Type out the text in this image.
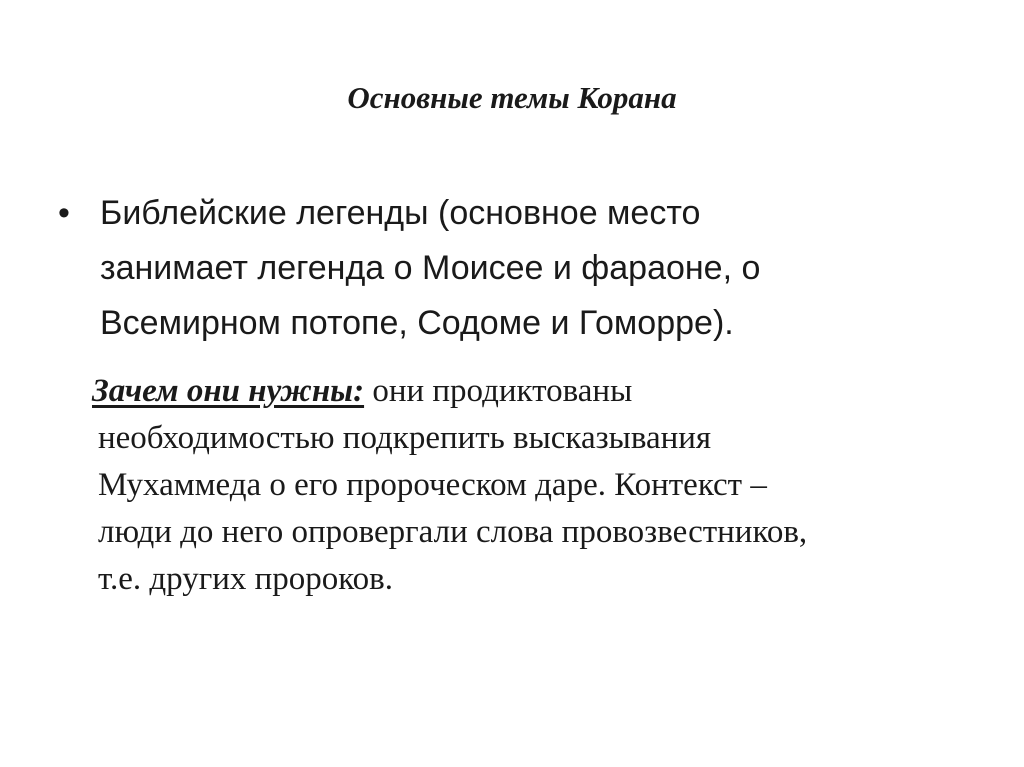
Основные темы Корана
• Библейские легенды (основное место
занимает легенда о Моисее и фараоне, о
Всемирном потопе, Содоме и Гоморре).
Зачем они нужны: они продиктованы
необходимостью подкрепить высказывания
Мухаммеда о его пророческом даре. Контекст –
люди до него опровергали слова провозвестников,
т.е. других пророков.
